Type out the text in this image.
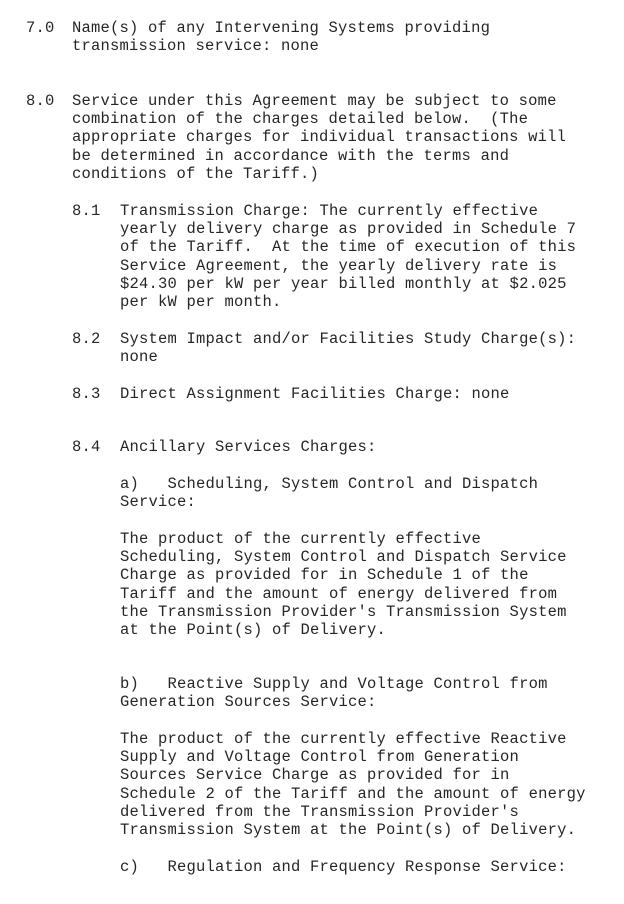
7.0 Name(s) of any Intervening Systems providing
transmission service: none
8.0 Service under this Agreement may be subject to some
combination of the charges detailed below.  (The
appropriate charges for individual transactions will
be determined in accordance with the terms and
conditions of the Tariff.)
8.1 Transmission Charge: The currently effective
yearly delivery charge as provided in Schedule 7
of the Tariff.  At the time of execution of this
Service Agreement, the yearly delivery rate is
$24.30 per kW per year billed monthly at $2.025
per kW per month.
8.2 System Impact and/or Facilities Study Charge(s):
none
8.3 Direct Assignment Facilities Charge: none
8.4 Ancillary Services Charges:
a)   Scheduling, System Control and Dispatch
Service:
The product of the currently effective
Scheduling, System Control and Dispatch Service
Charge as provided for in Schedule 1 of the
Tariff and the amount of energy delivered from
the Transmission Provider's Transmission System
at the Point(s) of Delivery.
b)   Reactive Supply and Voltage Control from
Generation Sources Service:
The product of the currently effective Reactive
Supply and Voltage Control from Generation
Sources Service Charge as provided for in
Schedule 2 of the Tariff and the amount of energy
delivered from the Transmission Provider's
Transmission System at the Point(s) of Delivery.
c)   Regulation and Frequency Response Service:
